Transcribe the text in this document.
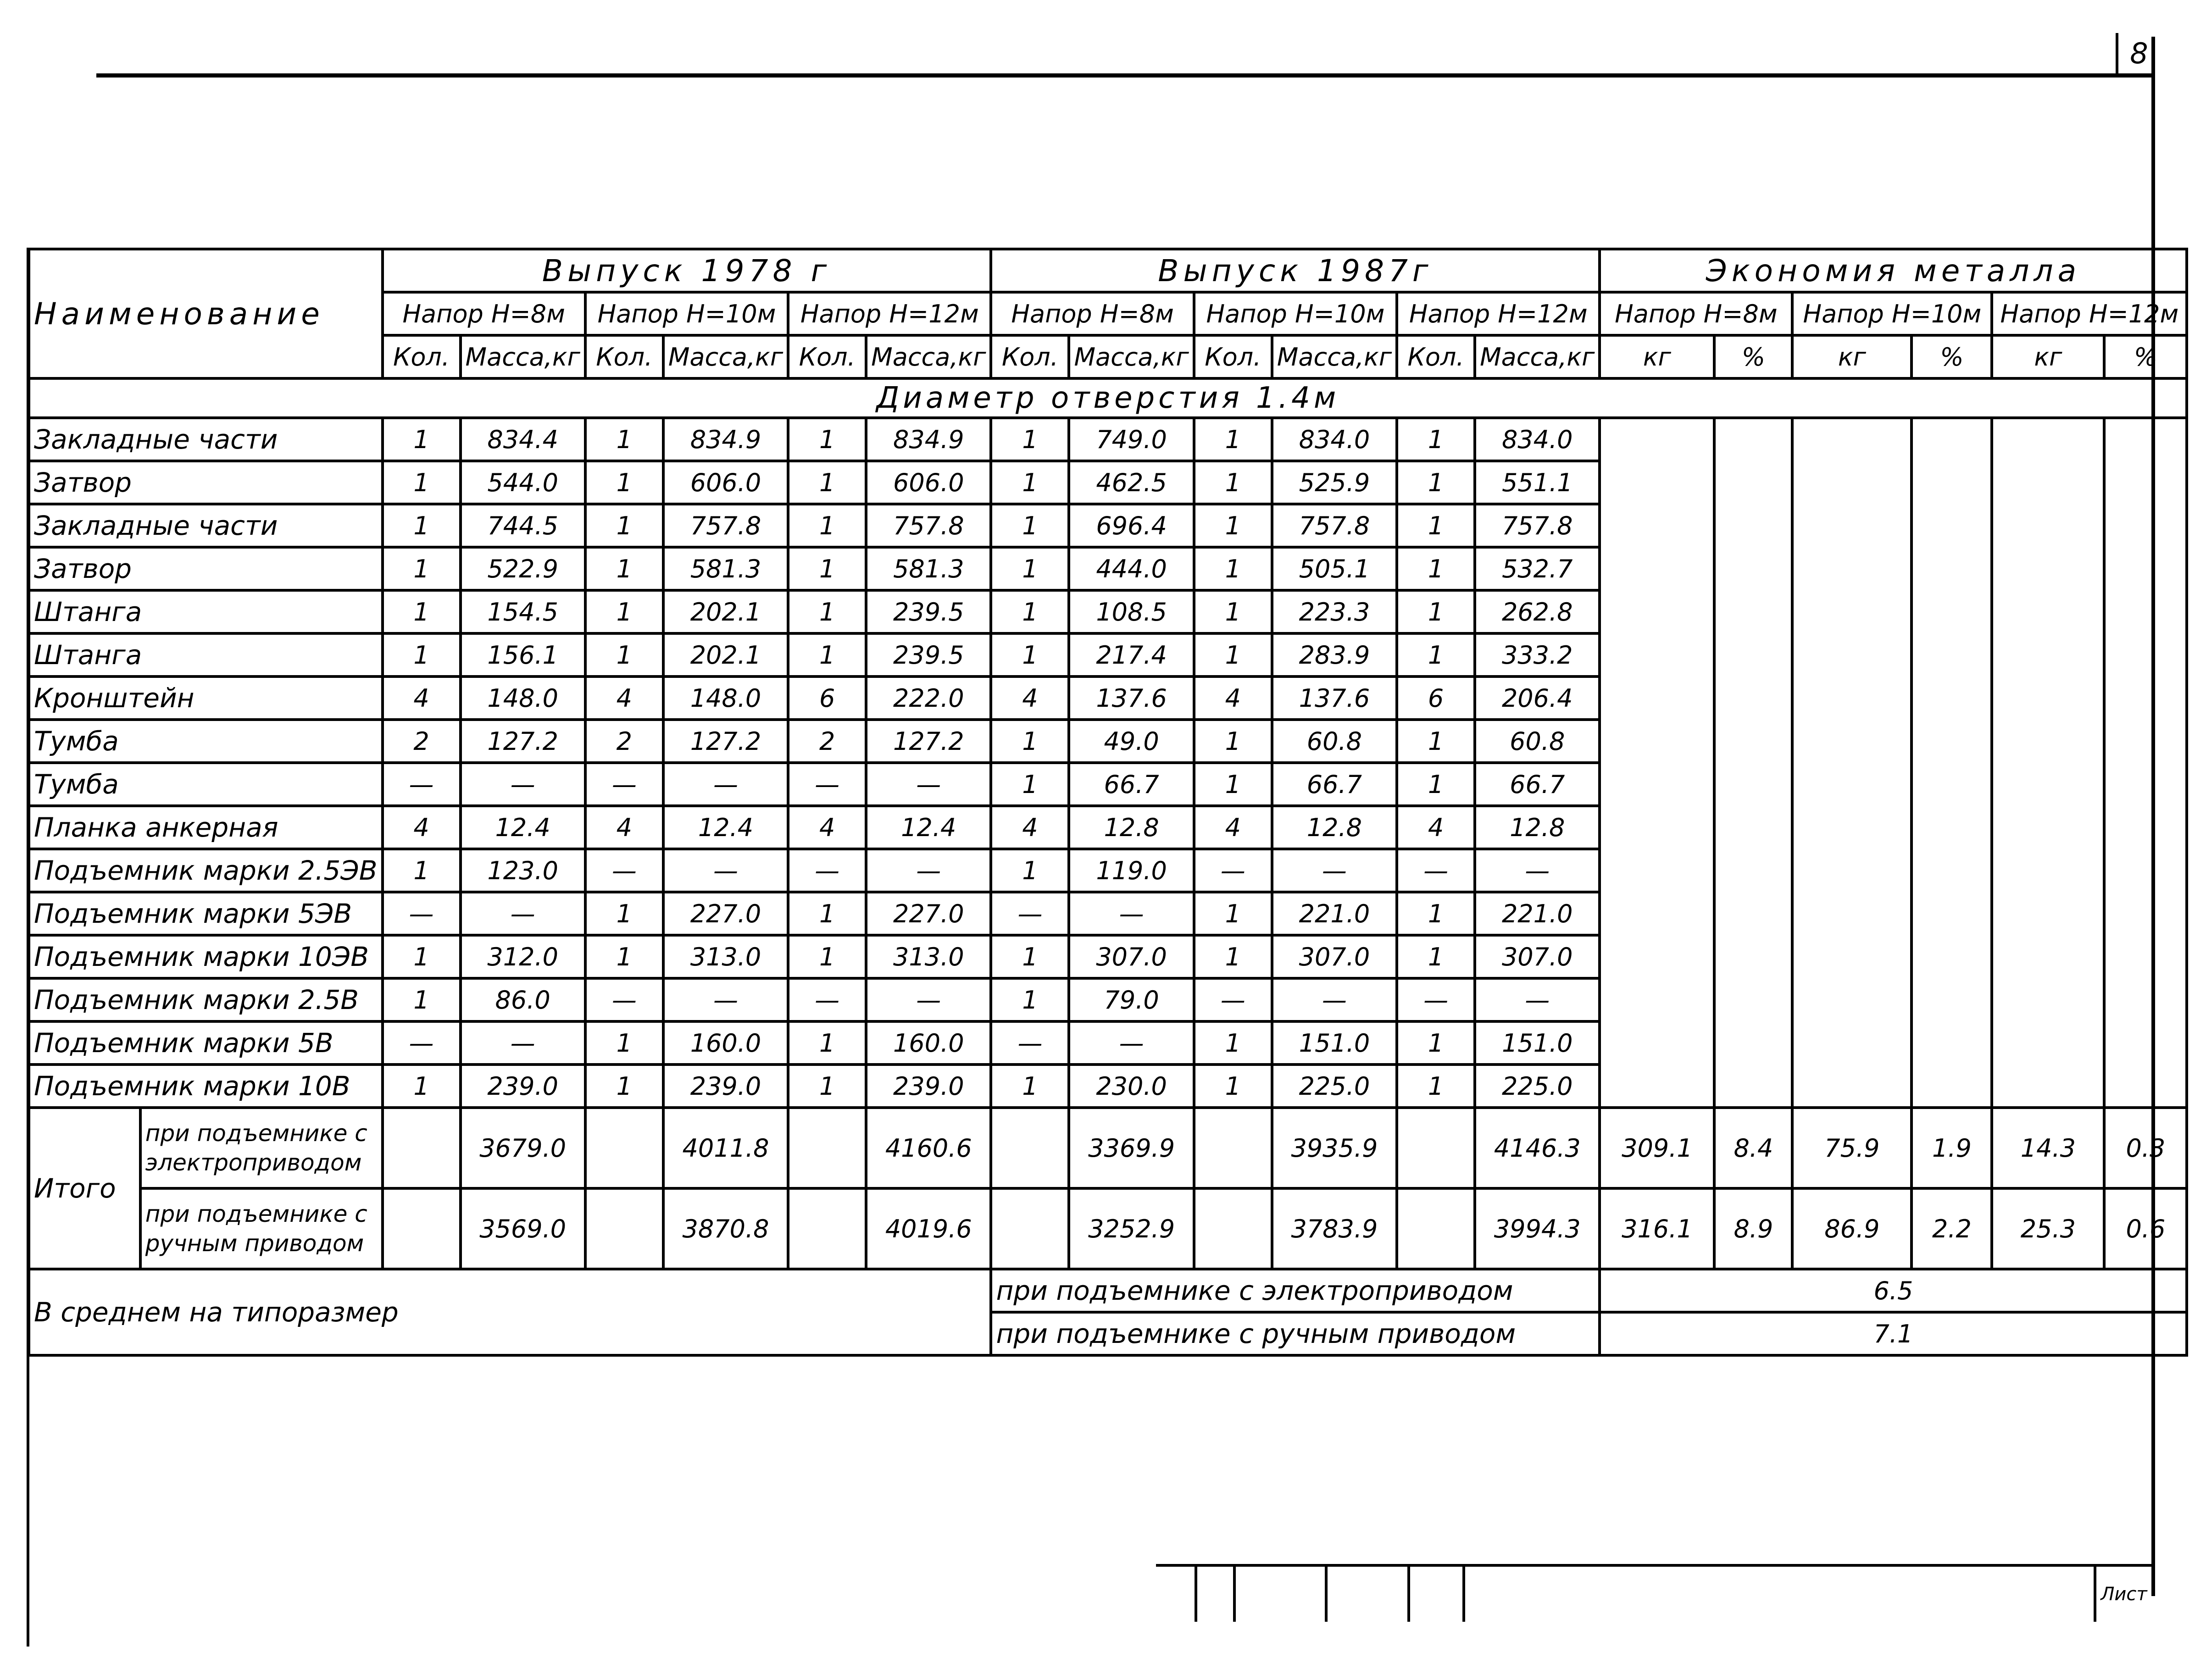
8
Наименование		Выпуск 1978 г						Выпуск 1987г						Экономия металла					
		Напор Н=8м		Напор Н=10м		Напор Н=12м		Напор Н=8м		Напор Н=10м		Напор Н=12м		Напор Н=8м		Напор Н=10м		Напор Н=12м	
		Кол.	Масса,кг	Кол.	Масса,кг	Кол.	Масса,кг	Кол.	Масса,кг	Кол.	Масса,кг	Кол.	Масса,кг	кг	%	кг	%	кг	%
Диаметр отверстия 1.4м																			
Закладные части		1	834.4	1	834.9	1	834.9	1	749.0	1	834.0	1	834.0						
Затвор		1	544.0	1	606.0	1	606.0	1	462.5	1	525.9	1	551.1						
Закладные части		1	744.5	1	757.8	1	757.8	1	696.4	1	757.8	1	757.8						
Затвор		1	522.9	1	581.3	1	581.3	1	444.0	1	505.1	1	532.7						
Штанга		1	154.5	1	202.1	1	239.5	1	108.5	1	223.3	1	262.8						
Штанга		1	156.1	1	202.1	1	239.5	1	217.4	1	283.9	1	333.2						
Кронштейн		4	148.0	4	148.0	6	222.0	4	137.6	4	137.6	6	206.4						
Тумба		2	127.2	2	127.2	2	127.2	1	49.0	1	60.8	1	60.8						
Тумба		—	—	—	—	—	—	1	66.7	1	66.7	1	66.7						
Планка анкерная		4	12.4	4	12.4	4	12.4	4	12.8	4	12.8	4	12.8						
Подъемник марки 2.5ЭВ		1	123.0	—	—	—	—	1	119.0	—	—	—	—						
Подъемник марки 5ЭВ		—	—	1	227.0	1	227.0	—	—	1	221.0	1	221.0						
Подъемник марки 10ЭВ		1	312.0	1	313.0	1	313.0	1	307.0	1	307.0	1	307.0						
Подъемник марки 2.5В		1	86.0	—	—	—	—	1	79.0	—	—	—	—						
Подъемник марки 5В		—	—	1	160.0	1	160.0	—	—	1	151.0	1	151.0						
Подъемник марки 10В		1	239.0	1	239.0	1	239.0	1	230.0	1	225.0	1	225.0						
Итого	при подъемнике с электроприводом		3679.0		4011.8		4160.6		3369.9		3935.9		4146.3	309.1	8.4	75.9	1.9	14.3	0.3
	при подъемнике с ручным приводом		3569.0		3870.8		4019.6		3252.9		3783.9		3994.3	316.1	8.9	86.9	2.2	25.3	0.6
В среднем на типоразмер								при подъемнике с электроприводом						6.5					
								при подъемнике с ручным приводом						7.1					
Лист
